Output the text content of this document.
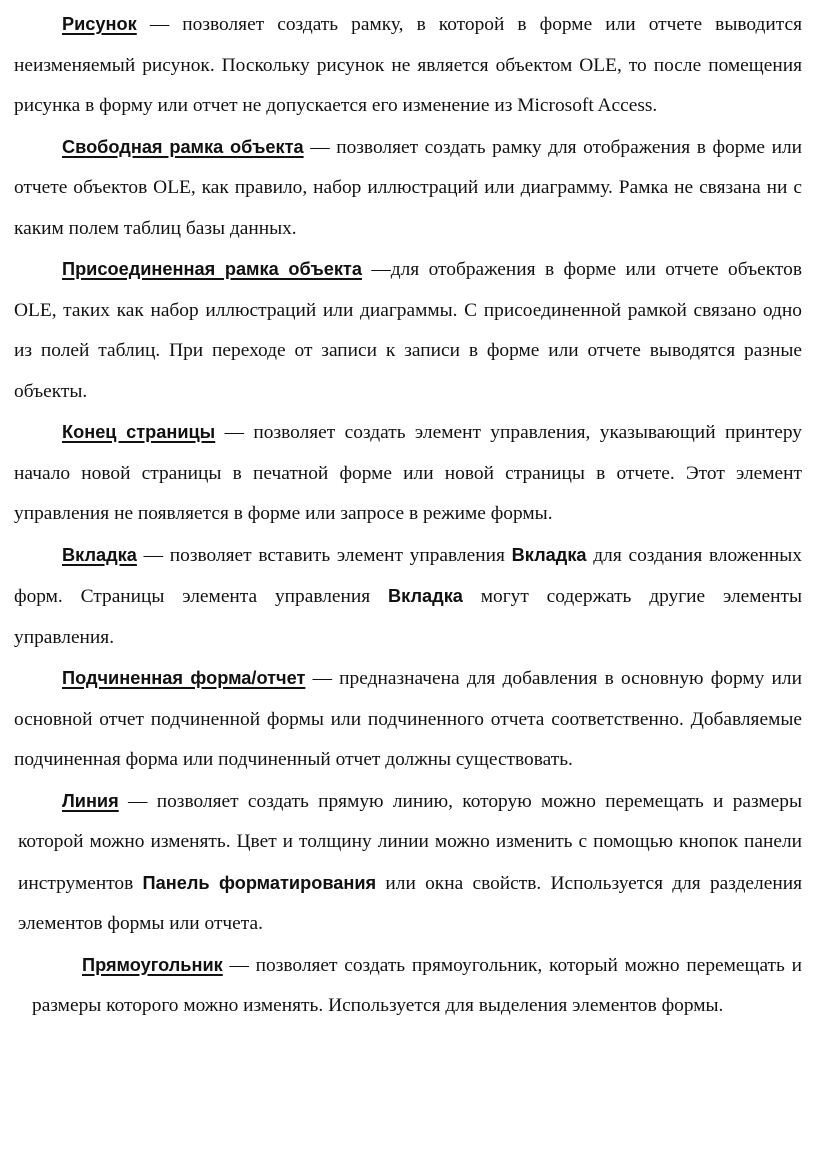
Рисунок — позволяет создать рамку, в которой в форме или отчете выводится неизменяемый рисунок. Поскольку рисунок не является объектом OLE, то после помещения рисунка в форму или отчет не допускается его изменение из Microsoft Access.

Свободная рамка объекта — позволяет создать рамку для отображения в форме или отчете объектов OLE, как правило, набор иллюстраций или диаграмму. Рамка не связана ни с каким полем таблиц базы данных.

Присоединенная рамка объекта —для отображения в форме или отчете объектов OLE, таких как набор иллюстраций или диаграммы. С присоединенной рамкой связано одно из полей таблиц. При переходе от записи к записи в форме или отчете выводятся разные объекты.

Конец страницы — позволяет создать элемент управления, указывающий принтеру начало новой страницы в печатной форме или новой страницы в отчете. Этот элемент управления не появляется в форме или запросе в режиме формы.

Вкладка — позволяет вставить элемент управления Вкладка для создания вложенных форм. Страницы элемента управления Вкладка могут содержать другие элементы управления.

Подчиненная форма/отчет — предназначена для добавления в основную форму или основной отчет подчиненной формы или подчиненного отчета соответственно. Добавляемые подчиненная форма или подчиненный отчет должны существовать.

Линия — позволяет создать прямую линию, которую можно перемещать и размеры которой можно изменять. Цвет и толщину линии можно изменить с помощью кнопок панели инструментов Панель форматирования или окна свойств. Используется для разделения элементов формы или отчета.

Прямоугольник — позволяет создать прямоугольник, который можно перемещать и размеры которого можно изменять. Используется для выделения элементов формы.
